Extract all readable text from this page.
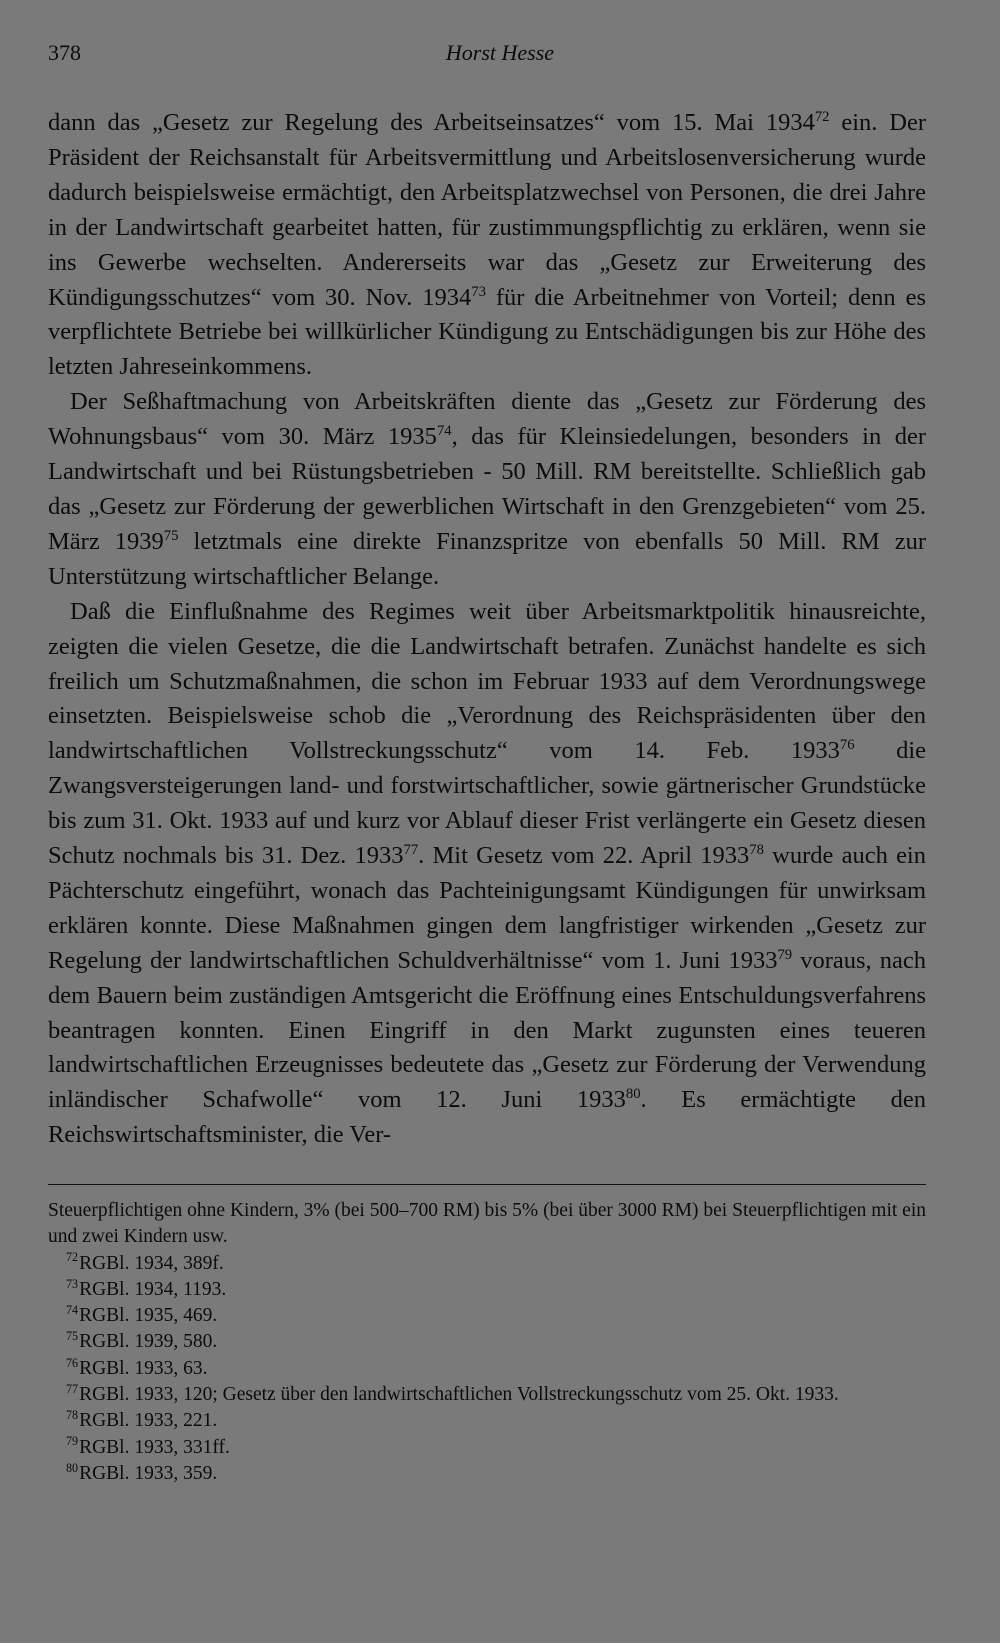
378	Horst Hesse

dann das „Gesetz zur Regelung des Arbeitseinsatzes“ vom 15. Mai 1934$^{72}$ ein. Der Präsident der Reichsanstalt für Arbeitsvermittlung und Arbeitslosenversicherung wurde dadurch beispielsweise ermächtigt, den Arbeitsplatzwechsel von Personen, die drei Jahre in der Landwirtschaft gearbeitet hatten, für zustimmungspflichtig zu erklären, wenn sie ins Gewerbe wechselten. Andererseits war das „Gesetz zur Erweiterung des Kündigungsschutzes“ vom 30. Nov. 1934$^{73}$ für die Arbeitnehmer von Vorteil; denn es verpflichtete Betriebe bei willkürlicher Kündigung zu Entschädigungen bis zur Höhe des letzten Jahreseinkommens.

Der Seßhaftmachung von Arbeitskräften diente das „Gesetz zur Förderung des Wohnungsbaus“ vom 30. März 1935$^{74}$, das für Kleinsiedelungen, besonders in der Landwirtschaft und bei Rüstungsbetrieben - 50 Mill. RM bereitstellte. Schließlich gab das „Gesetz zur Förderung der gewerblichen Wirtschaft in den Grenzgebieten“ vom 25. März 1939$^{75}$ letztmals eine direkte Finanzspritze von ebenfalls 50 Mill. RM zur Unterstützung wirtschaftlicher Belange.

Daß die Einflußnahme des Regimes weit über Arbeitsmarktpolitik hinausreichte, zeigten die vielen Gesetze, die die Landwirtschaft betrafen. Zunächst handelte es sich freilich um Schutzmaßnahmen, die schon im Februar 1933 auf dem Verordnungswege einsetzten. Beispielsweise schob die „Verordnung des Reichspräsidenten über den landwirtschaftlichen Vollstreckungsschutz“ vom 14. Feb. 1933$^{76}$ die Zwangsversteigerungen land- und forstwirtschaftlicher, sowie gärtnerischer Grundstücke bis zum 31. Okt. 1933 auf und kurz vor Ablauf dieser Frist verlängerte ein Gesetz diesen Schutz nochmals bis 31. Dez. 1933$^{77}$. Mit Gesetz vom 22. April 1933$^{78}$ wurde auch ein Pächterschutz eingeführt, wonach das Pachteinigungsamt Kündigungen für unwirksam erklären konnte. Diese Maßnahmen gingen dem langfristiger wirkenden „Gesetz zur Regelung der landwirtschaftlichen Schuldverhältnisse“ vom 1. Juni 1933$^{79}$ voraus, nach dem Bauern beim zuständigen Amtsgericht die Eröffnung eines Entschuldungsverfahrens beantragen konnten. Einen Eingriff in den Markt zugunsten eines teueren landwirtschaftlichen Erzeugnisses bedeutete das „Gesetz zur Förderung der Verwendung inländischer Schafwolle“ vom 12. Juni 1933$^{80}$. Es ermächtigte den Reichswirtschaftsminister, die Ver-

Steuerpflichtigen ohne Kindern, 3% (bei 500–700 RM) bis 5% (bei über 3000 RM) bei Steuerpflichtigen mit ein und zwei Kindern usw.
$^{72}$RGBl. 1934, 389f.
$^{73}$RGBl. 1934, 1193.
$^{74}$RGBl. 1935, 469.
$^{75}$RGBl. 1939, 580.
$^{76}$RGBl. 1933, 63.
$^{77}$RGBl. 1933, 120; Gesetz über den landwirtschaftlichen Vollstreckungsschutz vom 25. Okt. 1933.
$^{78}$RGBl. 1933, 221.
$^{79}$RGBl. 1933, 331ff.
$^{80}$RGBl. 1933, 359.
